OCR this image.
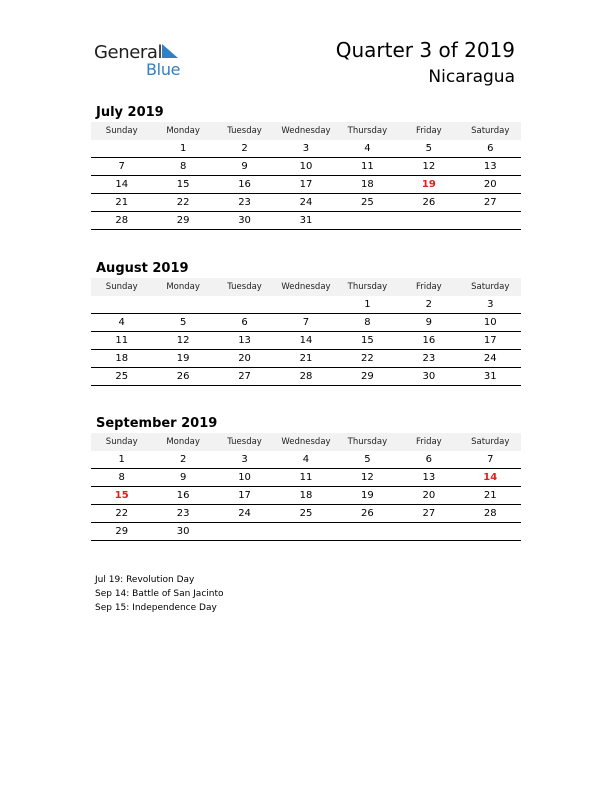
General
Blue
Quarter 3 of 2019
Nicaragua
July 2019
Sunday	Monday	Tuesday	Wednesday	Thursday	Friday	Saturday
	1	2	3	4	5	6
7	8	9	10	11	12	13
14	15	16	17	18	19	20
21	22	23	24	25	26	27
28	29	30	31			
August 2019
Sunday	Monday	Tuesday	Wednesday	Thursday	Friday	Saturday
				1	2	3
4	5	6	7	8	9	10
11	12	13	14	15	16	17
18	19	20	21	22	23	24
25	26	27	28	29	30	31
September 2019
Sunday	Monday	Tuesday	Wednesday	Thursday	Friday	Saturday
1	2	3	4	5	6	7
8	9	10	11	12	13	14
15	16	17	18	19	20	21
22	23	24	25	26	27	28
29	30					
Jul 19: Revolution Day
Sep 14: Battle of San Jacinto
Sep 15: Independence Day
